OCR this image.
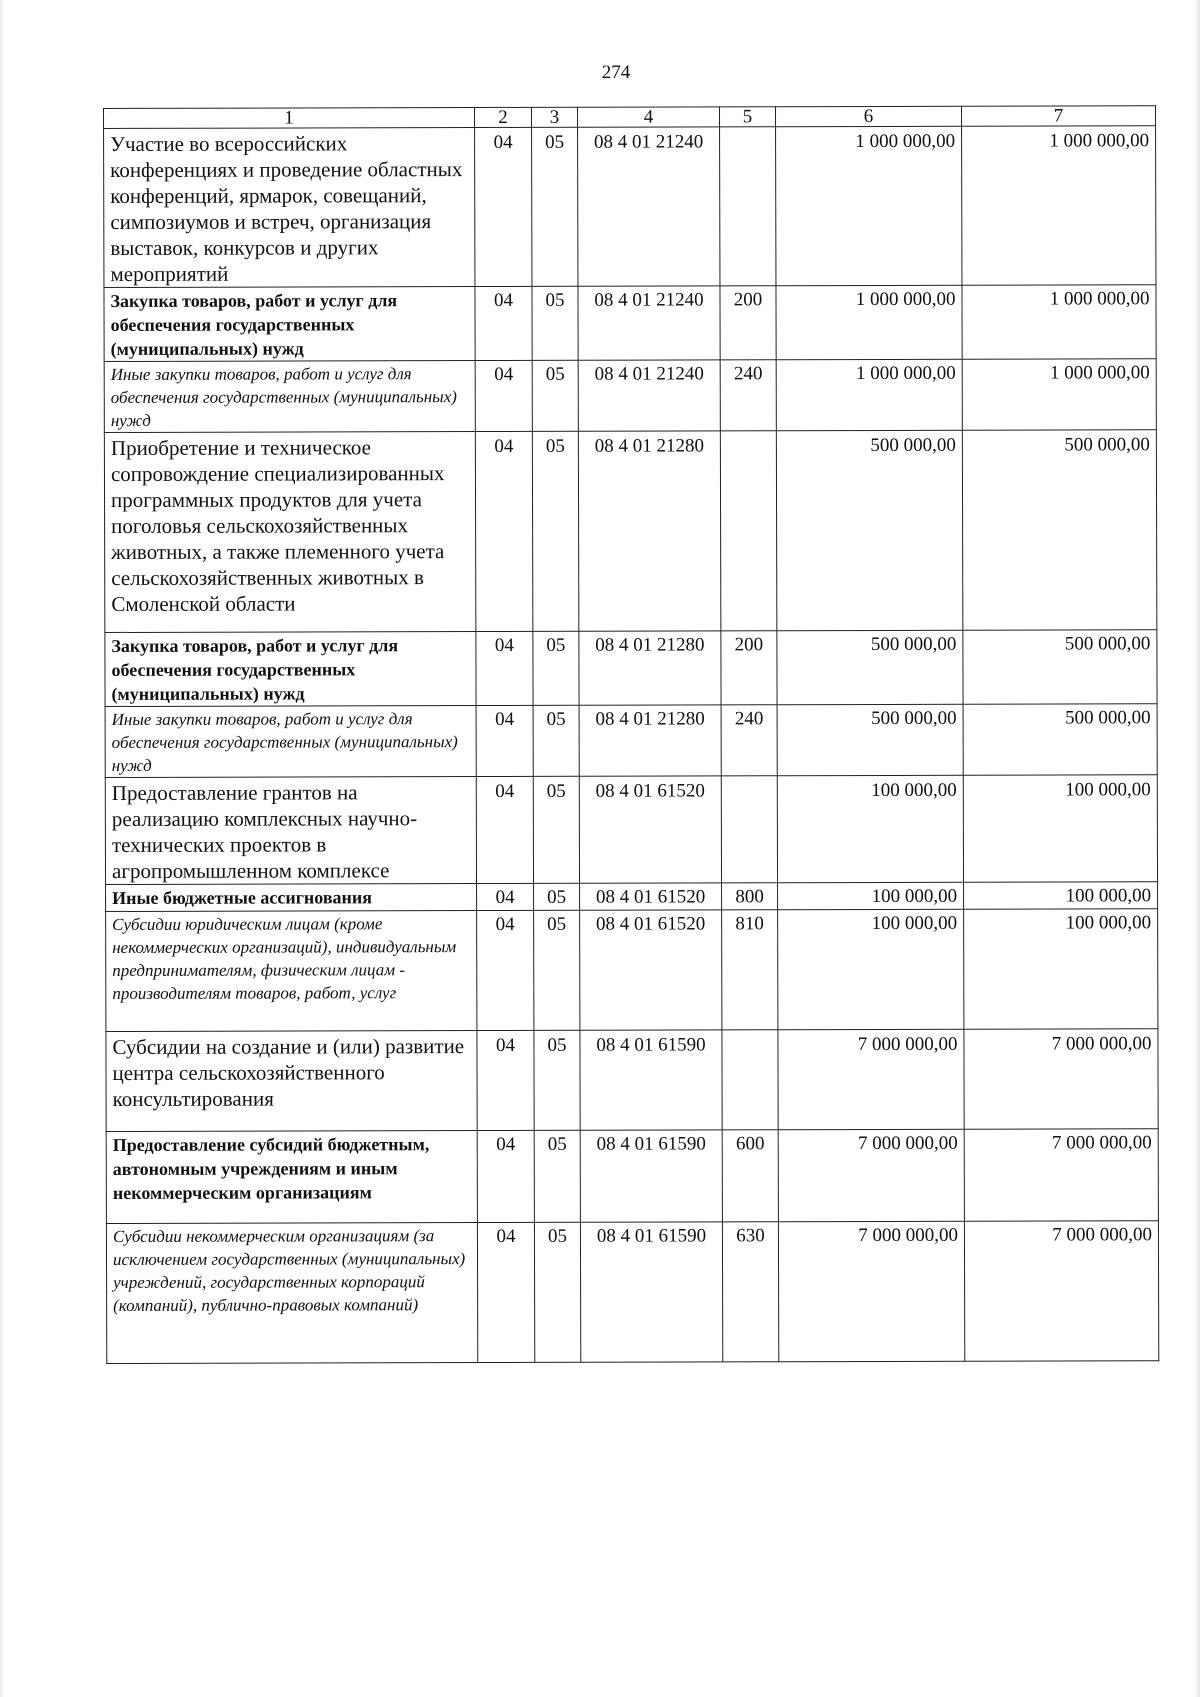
274
1	2	3	4	5	6	7
Участие во всероссийских конференциях и проведение областных конференций, ярмарок, совещаний, симпозиумов и встреч, организация выставок, конкурсов и других мероприятий	04	05	08 4 01 21240		1 000 000,00	1 000 000,00
Закупка товаров, работ и услуг для обеспечения государственных (муниципальных) нужд	04	05	08 4 01 21240	200	1 000 000,00	1 000 000,00
Иные закупки товаров, работ и услуг для обеспечения государственных (муниципальных) нужд	04	05	08 4 01 21240	240	1 000 000,00	1 000 000,00
Приобретение и техническое сопровождение специализированных программных продуктов для учета поголовья сельскохозяйственных животных, а также племенного учета сельскохозяйственных животных в Смоленской области	04	05	08 4 01 21280		500 000,00	500 000,00
Закупка товаров, работ и услуг для обеспечения государственных (муниципальных) нужд	04	05	08 4 01 21280	200	500 000,00	500 000,00
Иные закупки товаров, работ и услуг для обеспечения государственных (муниципальных) нужд	04	05	08 4 01 21280	240	500 000,00	500 000,00
Предоставление грантов на реализацию комплексных научно-технических проектов в агропромышленном комплексе	04	05	08 4 01 61520		100 000,00	100 000,00
Иные бюджетные ассигнования	04	05	08 4 01 61520	800	100 000,00	100 000,00
Субсидии юридическим лицам (кроме некоммерческих организаций), индивидуальным предпринимателям, физическим лицам - производителям товаров, работ, услуг	04	05	08 4 01 61520	810	100 000,00	100 000,00
Субсидии на создание и (или) развитие центра сельскохозяйственного консультирования	04	05	08 4 01 61590		7 000 000,00	7 000 000,00
Предоставление субсидий бюджетным, автономным учреждениям и иным некоммерческим организациям	04	05	08 4 01 61590	600	7 000 000,00	7 000 000,00
Субсидии некоммерческим организациям (за исключением государственных (муниципальных) учреждений, государственных корпораций (компаний), публично-правовых компаний)	04	05	08 4 01 61590	630	7 000 000,00	7 000 000,00
